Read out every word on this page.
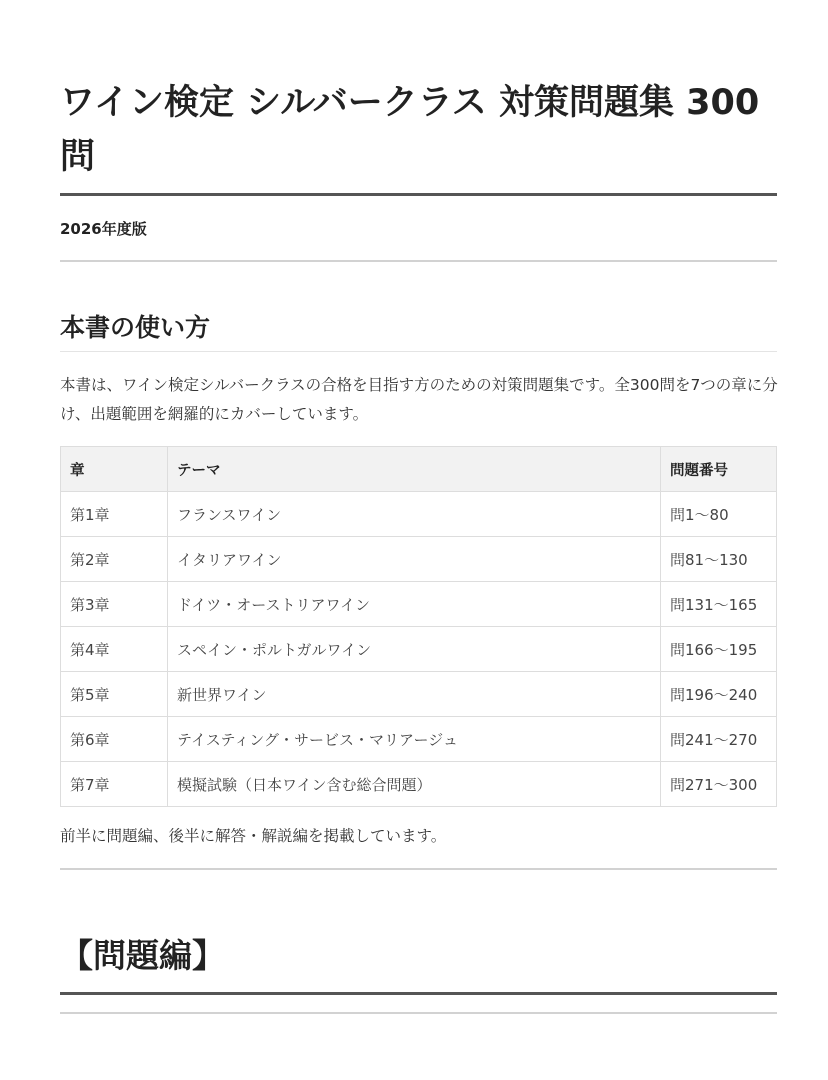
ワイン検定 シルバークラス 対策問題集 300問
2026年度版
本書の使い方

本書は、ワイン検定シルバークラスの合格を目指す方のための対策問題集です。全300問を7つの章に分け、出題範囲を網羅的にカバーしています。

章	テーマ	問題番号
第1章	フランスワイン	問1〜80
第2章	イタリアワイン	問81〜130
第3章	ドイツ・オーストリアワイン	問131〜165
第4章	スペイン・ポルトガルワイン	問166〜195
第5章	新世界ワイン	問196〜240
第6章	テイスティング・サービス・マリアージュ	問241〜270
第7章	模擬試験（日本ワイン含む総合問題）	問271〜300

前半に問題編、後半に解答・解説編を掲載しています。

【問題編】
